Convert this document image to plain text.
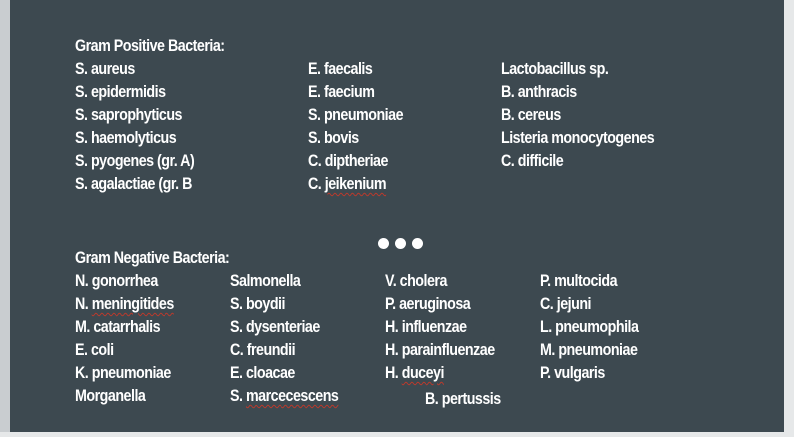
Gram Positive Bacteria:
S. aureus
S. epidermidis
S. saprophyticus
S. haemolyticus
S. pyogenes (gr. A)
S. agalactiae (gr. B
E. faecalis
E. faecium
S. pneumoniae
S. bovis
C. diptheriae
C. jeikenium
Lactobacillus sp.
B. anthracis
B. cereus
Listeria monocytogenes
C. difficile
Gram Negative Bacteria:
N. gonorrhea
N. meningitides
M. catarrhalis
E. coli
K. pneumoniae
Morganella
Salmonella
S. boydii
S. dysenteriae
C. freundii
E. cloacae
S. marcecescens
V. cholera
P. aeruginosa
H. influenzae
H. parainfluenzae
H. duceyi
B. pertussis
P. multocida
C. jejuni
L. pneumophila
M. pneumoniae
P. vulgaris
